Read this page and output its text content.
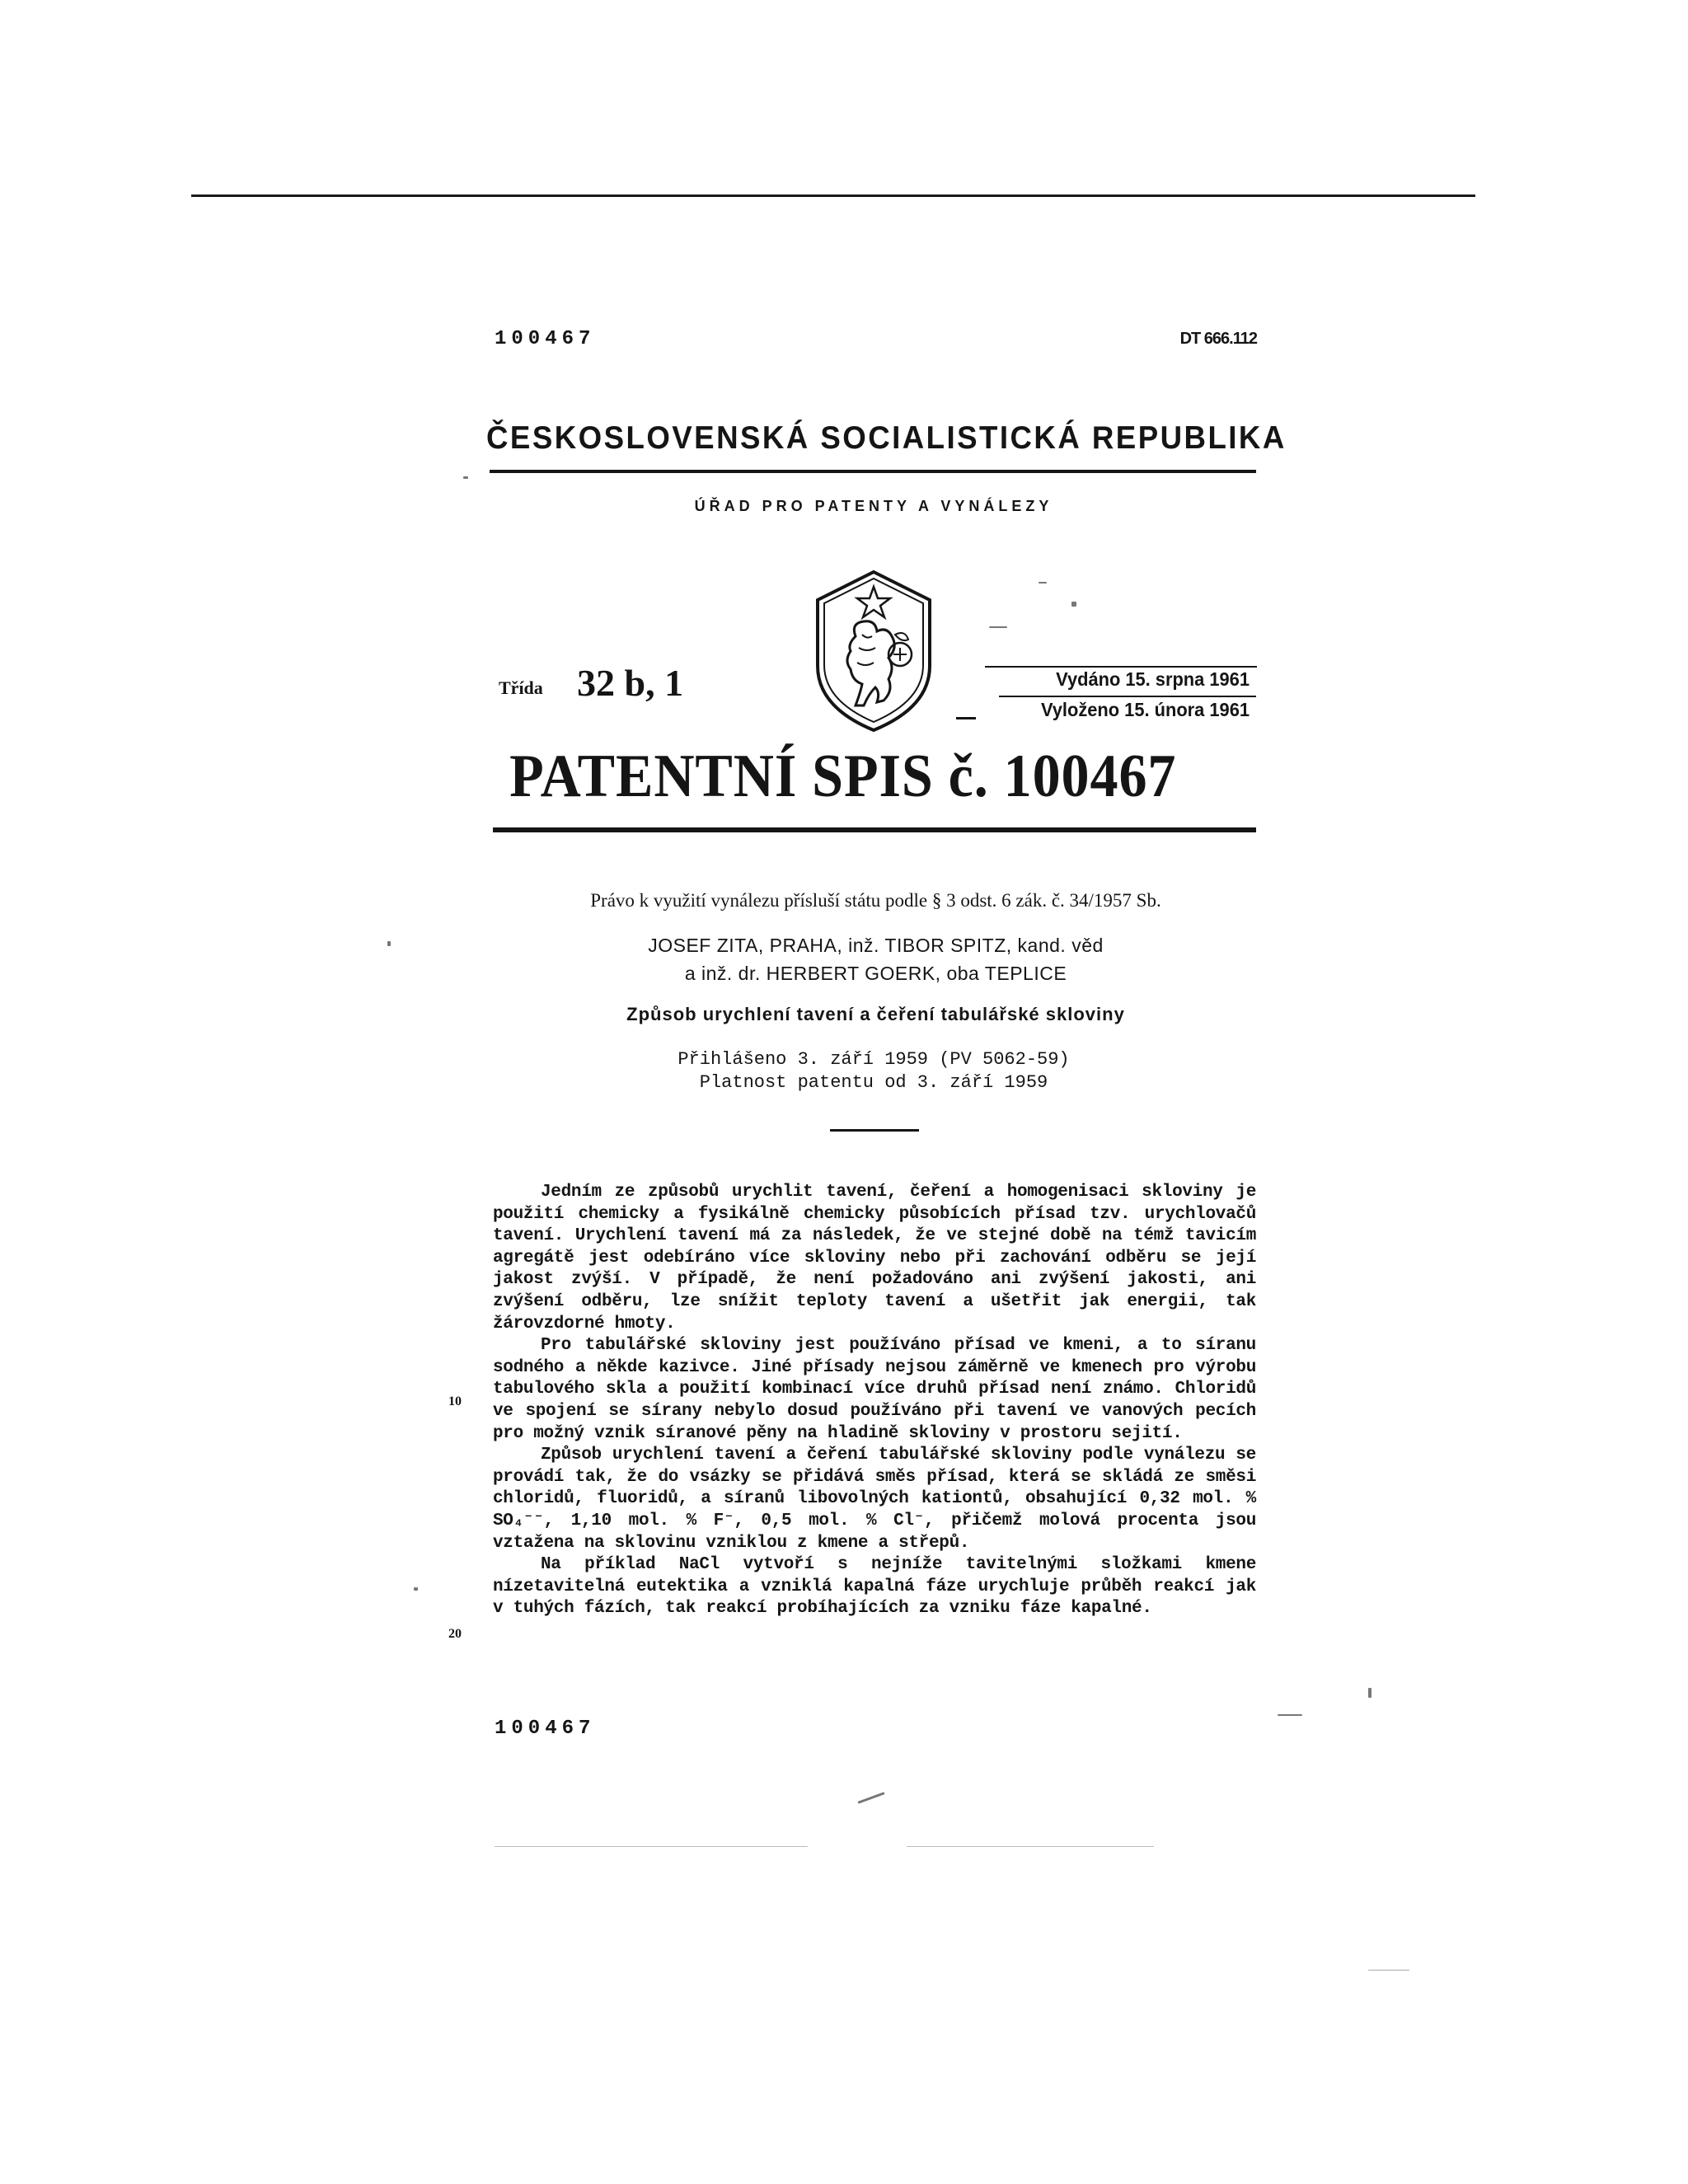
100467	DT 666.112
ČESKOSLOVENSKÁ SOCIALISTICKÁ REPUBLIKA
ÚŘAD PRO PATENTY A VYNÁLEZY
Třída 32 b, 1	Vydáno 15. srpna 1961
Vyloženo 15. února 1961
PATENTNÍ SPIS č. 100467
Právo k využití vynálezu přísluší státu podle § 3 odst. 6 zák. č. 34/1957 Sb.
JOSEF ZITA, PRAHA, inž. TIBOR SPITZ, kand. věd
a inž. dr. HERBERT GOERK, oba TEPLICE
Způsob urychlení tavení a čeření tabulářské skloviny
Přihlášeno 3. září 1959 (PV 5062-59)
Platnost patentu od 3. září 1959

Jedním ze způsobů urychlit tavení, čeření a homogenisaci skloviny je použití chemicky a fysikálně chemicky působících přísad tzv. urychlovačů tavení. Urychlení tavení má za následek, že ve stejné době na témž tavicím agregátě jest odebíráno více skloviny nebo při zachování odběru se její jakost zvýší. V případě, že není požadováno ani zvýšení jakosti, ani zvýšení odběru, lze snížit teploty tavení a ušetřit jak energii, tak žárovzdorné hmoty.

Pro tabulářské skloviny jest používáno přísad ve kmeni, a to síranu sodného a někde kazivce. Jiné přísady nejsou záměrně ve kmenech pro výrobu tabulového skla a použití kombinací více druhů přísad není známo. Chloridů ve spojení se sírany nebylo dosud používáno při tavení ve vanových pecích pro možný vznik síranové pěny na hladině skloviny v prostoru sejití.

Způsob urychlení tavení a čeření tabulářské skloviny podle vynálezu se provádí tak, že do vsázky se přidává směs přísad, která se skládá ze směsi chloridů, fluoridů, a síranů libovolných kationtů, obsahující 0,32 mol. % SO₄⁻⁻, 1,10 mol. % F⁻, 0,5 mol. % Cl⁻, přičemž molová procenta jsou vztažena na sklovinu vzniklou z kmene a střepů.

Na příklad NaCl vytvoří s nejníže tavitelnými složkami kmene nízetavitelná eutektika a vzniklá kapalná fáze urychluje průběh reakcí jak v tuhých fázích, tak reakcí probíhajících za vzniku fáze kapalné.

10
20
100467
